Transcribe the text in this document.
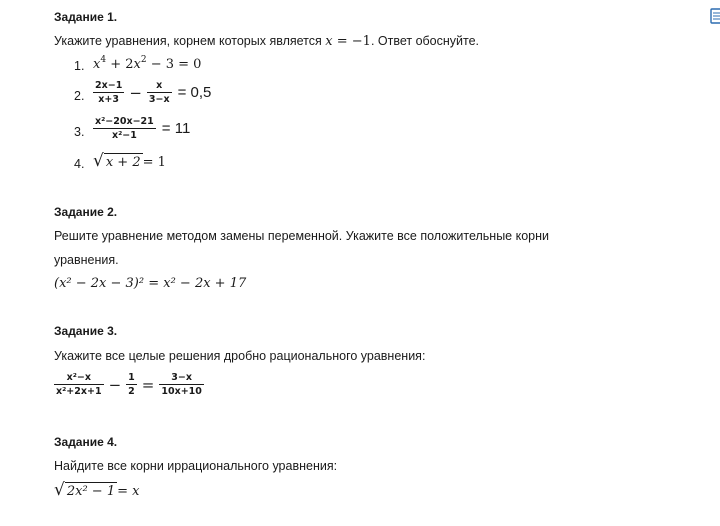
Задание 1.
Укажите уравнения, корнем которых является x = −1. Ответ обоснуйте.
1. $x^4 + 2x^2 - 3 = 0$
2. $\frac{2x-1}{x+3} - \frac{x}{3-x} = 0,5$
3. $\frac{\text{x²−20x−21}}{\text{x²−1}} = 11$
4. √ x + 2 = 1
Задание 2.
Решите уравнение методом замены переменной. Укажите все положительные корни
уравнения.
(x² − 2x − 3)² = x² − 2x + 17
Задание 3.
Укажите все целые решения дробно рационального уравнения:
$\frac{\text{x²−x}}{\text{x²+2x+1}} - \frac{1}{2} = \frac{3-x}{10x+10}$
Задание 4.
Найдите все корни иррационального уравнения:
√ 2x² − 1 = x
